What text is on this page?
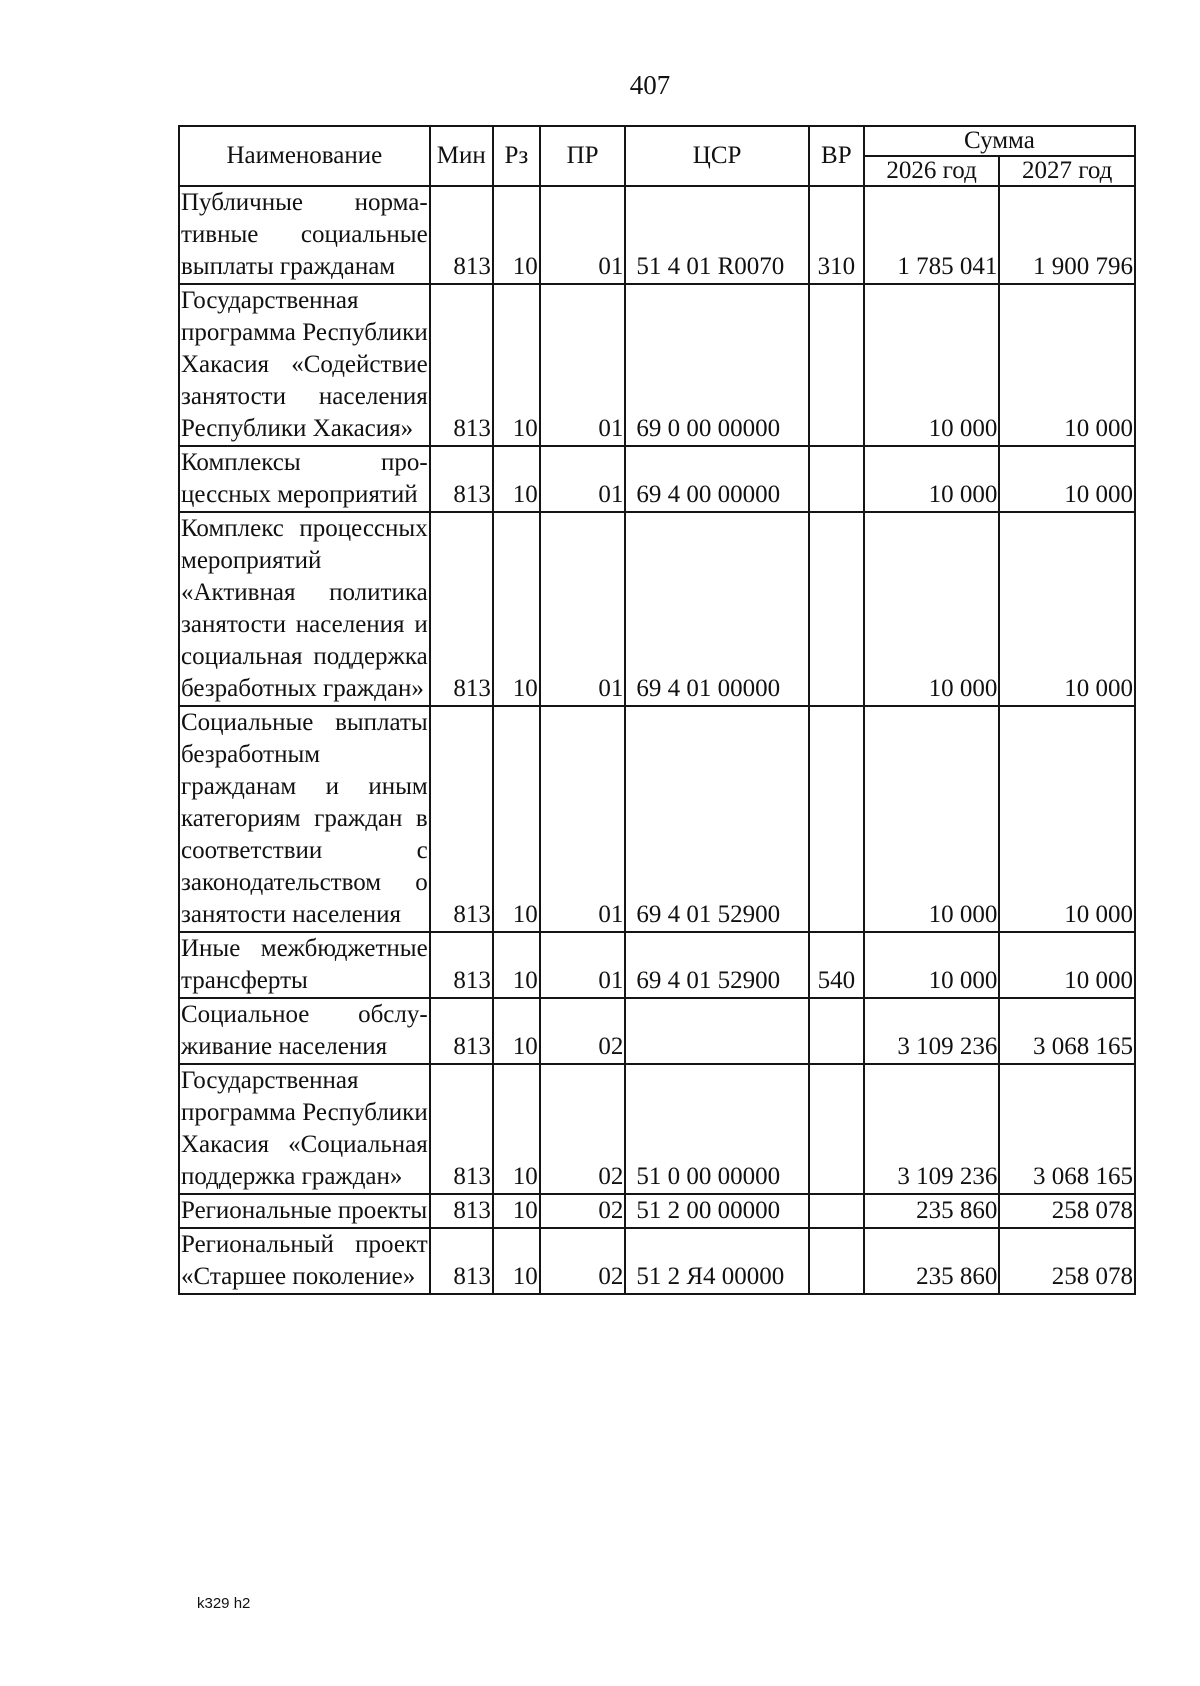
407
Наименование	Мин	Рз	ПР	ЦСР	ВР	Сумма	
						2026 год	2027 год
Публичные нормативные социальные выплаты гражданам	813	10	01	51 4 01 R0070	310	1 785 041	1 900 796
Государственная программа Республики Хакасия «Содействие занятости населения Республики Хакасия»	813	10	01	69 0 00 00000		10 000	10 000
Комплексы процессных мероприятий	813	10	01	69 4 00 00000		10 000	10 000
Комплекс процессных мероприятий «Активная политика занятости населения и социальная поддержка безработных граждан»	813	10	01	69 4 01 00000		10 000	10 000
Социальные выплаты безработным гражданам и иным категориям граждан в соответствии с законодательством о занятости населения	813	10	01	69 4 01 52900		10 000	10 000
Иные межбюджетные трансферты	813	10	01	69 4 01 52900	540	10 000	10 000
Социальное обслуживание населения	813	10	02			3 109 236	3 068 165
Государственная программа Республики Хакасия «Социальная поддержка граждан»	813	10	02	51 0 00 00000		3 109 236	3 068 165
Региональные проекты	813	10	02	51 2 00 00000		235 860	258 078
Региональный проект «Старшее поколение»	813	10	02	51 2 Я4 00000		235 860	258 078
k329 h2
